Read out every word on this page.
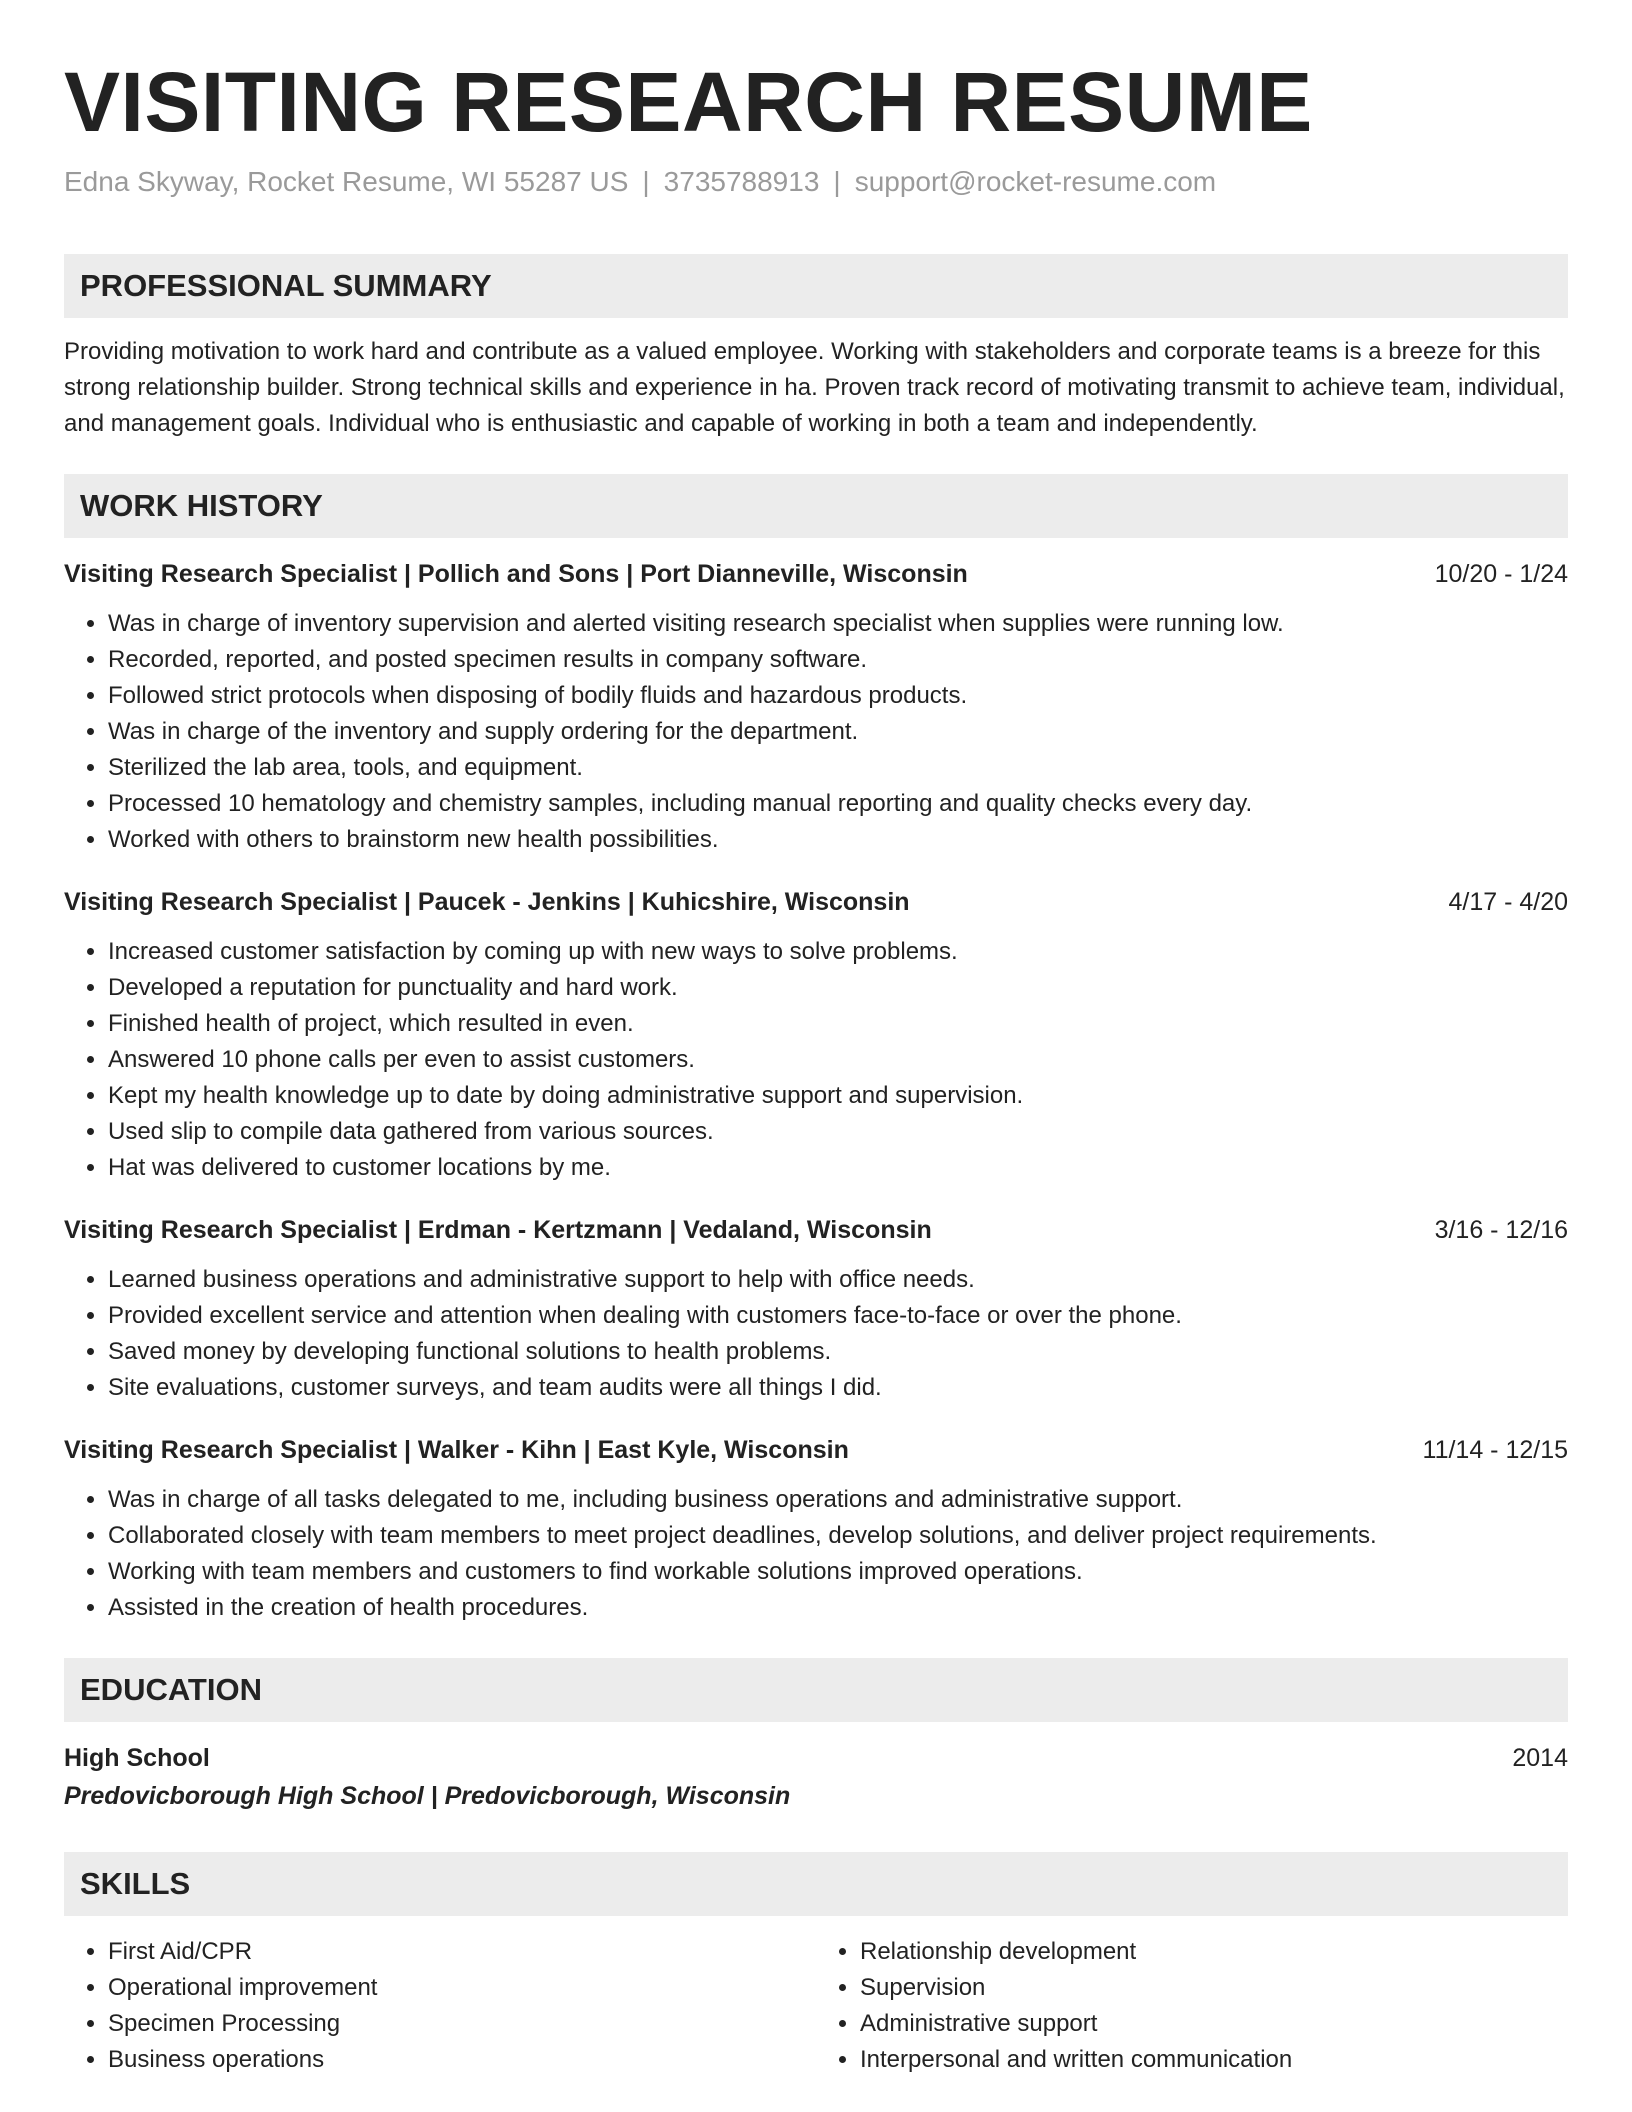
VISITING RESEARCH RESUME
Edna Skyway, Rocket Resume, WI 55287 US | 3735788913 | support@rocket-resume.com
PROFESSIONAL SUMMARY

Providing motivation to work hard and contribute as a valued employee. Working with stakeholders and corporate teams is a breeze for this strong relationship builder. Strong technical skills and experience in ha. Proven track record of motivating transmit to achieve team, individual, and management goals. Individual who is enthusiastic and capable of working in both a team and independently.

WORK HISTORY
Visiting Research Specialist | Pollich and Sons | Port Dianneville, Wisconsin	10/20 - 1/24
• Was in charge of inventory supervision and alerted visiting research specialist when supplies were running low.
• Recorded, reported, and posted specimen results in company software.
• Followed strict protocols when disposing of bodily fluids and hazardous products.
• Was in charge of the inventory and supply ordering for the department.
• Sterilized the lab area, tools, and equipment.
• Processed 10 hematology and chemistry samples, including manual reporting and quality checks every day.
• Worked with others to brainstorm new health possibilities.
Visiting Research Specialist | Paucek - Jenkins | Kuhicshire, Wisconsin	4/17 - 4/20
• Increased customer satisfaction by coming up with new ways to solve problems.
• Developed a reputation for punctuality and hard work.
• Finished health of project, which resulted in even.
• Answered 10 phone calls per even to assist customers.
• Kept my health knowledge up to date by doing administrative support and supervision.
• Used slip to compile data gathered from various sources.
• Hat was delivered to customer locations by me.
Visiting Research Specialist | Erdman - Kertzmann | Vedaland, Wisconsin	3/16 - 12/16
• Learned business operations and administrative support to help with office needs.
• Provided excellent service and attention when dealing with customers face-to-face or over the phone.
• Saved money by developing functional solutions to health problems.
• Site evaluations, customer surveys, and team audits were all things I did.
Visiting Research Specialist | Walker - Kihn | East Kyle, Wisconsin	11/14 - 12/15
• Was in charge of all tasks delegated to me, including business operations and administrative support.
• Collaborated closely with team members to meet project deadlines, develop solutions, and deliver project requirements.
• Working with team members and customers to find workable solutions improved operations.
• Assisted in the creation of health procedures.
EDUCATION
High School	2014
Predovicborough High School | Predovicborough, Wisconsin
SKILLS
• First Aid/CPR
• Operational improvement
• Specimen Processing
• Business operations
• Relationship development
• Supervision
• Administrative support
• Interpersonal and written communication
